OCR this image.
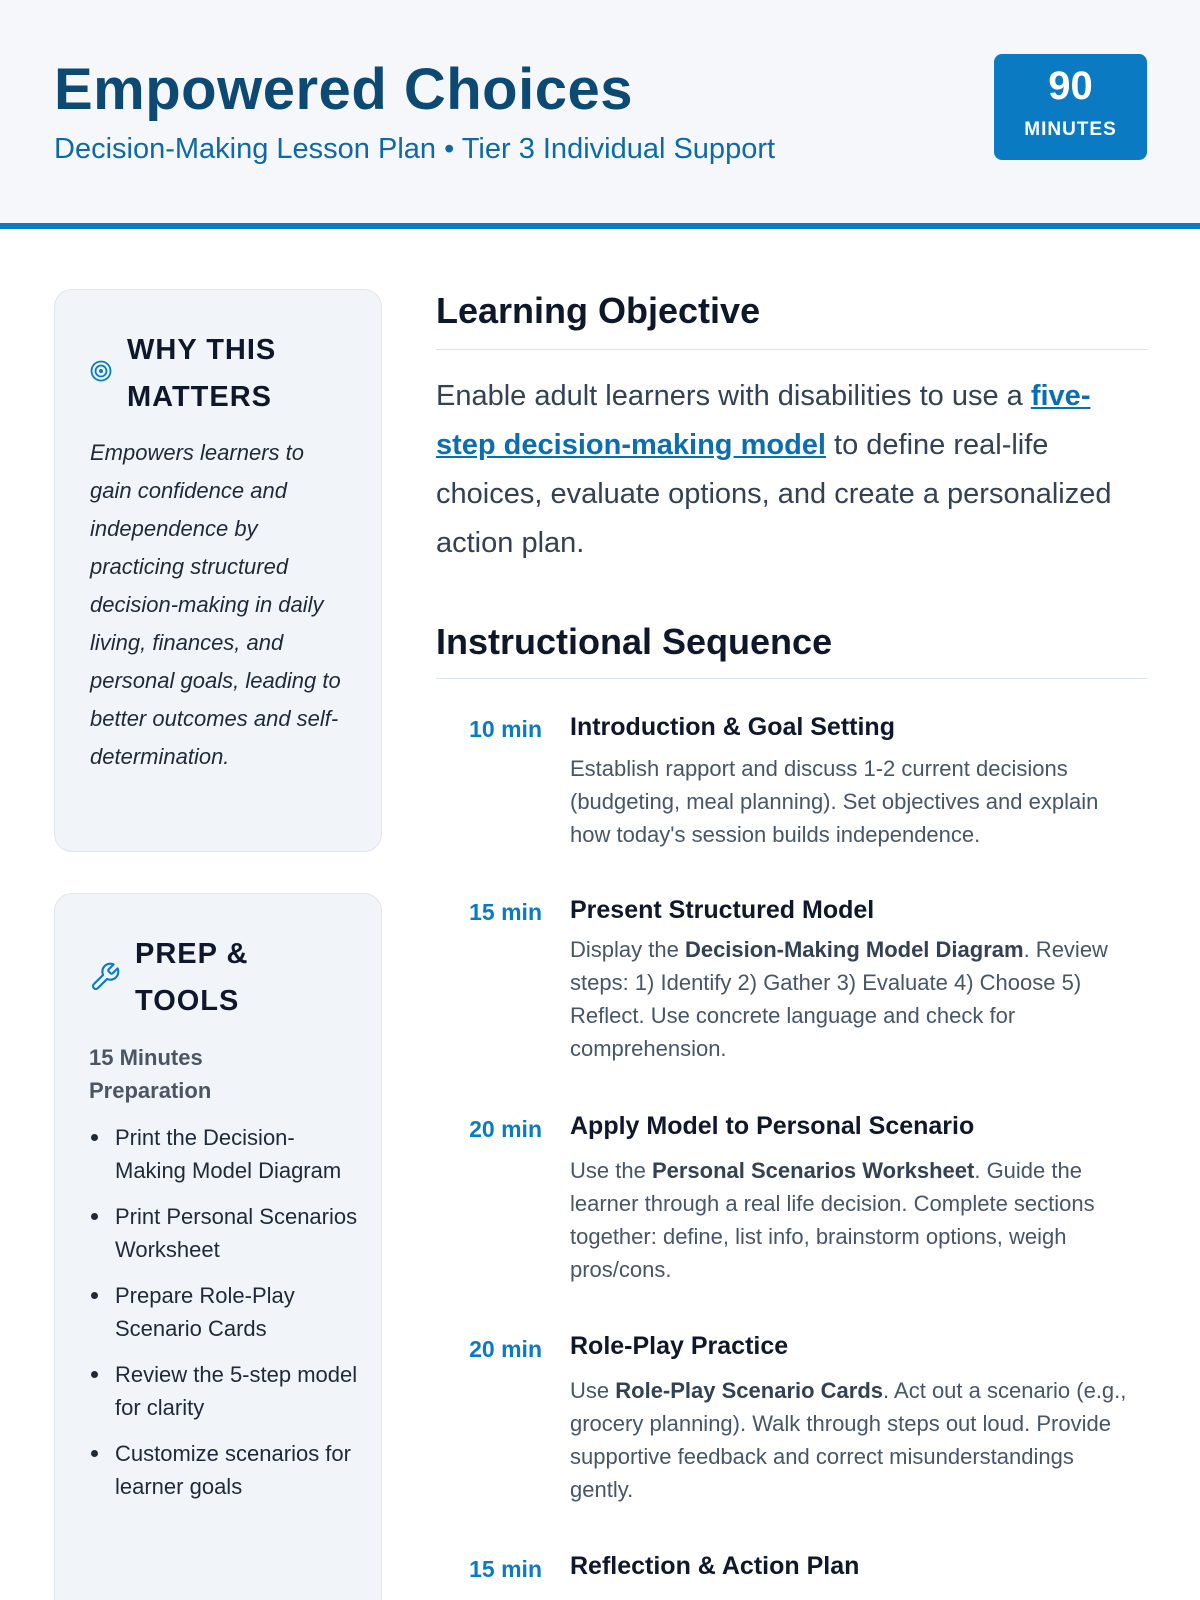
Empowered Choices
Decision-Making Lesson Plan • Tier 3 Individual Support
90
MINUTES
WHY THIS MATTERS
Empowers learners to gain confidence and independence by practicing structured decision-making in daily living, finances, and personal goals, leading to better outcomes and self-determination.
PREP & TOOLS
15 Minutes Preparation
Print the Decision-Making Model Diagram
Print Personal Scenarios Worksheet
Prepare Role-Play Scenario Cards
Review the 5-step model for clarity
Customize scenarios for learner goals
Learning Objective
Enable adult learners with disabilities to use a five-step decision-making model to define real-life choices, evaluate options, and create a personalized action plan.
Instructional Sequence
10 min Introduction & Goal Setting
Establish rapport and discuss 1-2 current decisions (budgeting, meal planning). Set objectives and explain how today's session builds independence.
15 min Present Structured Model
Display the Decision-Making Model Diagram. Review steps: 1) Identify 2) Gather 3) Evaluate 4) Choose 5) Reflect. Use concrete language and check for comprehension.
20 min Apply Model to Personal Scenario
Use the Personal Scenarios Worksheet. Guide the learner through a real life decision. Complete sections together: define, list info, brainstorm options, weigh pros/cons.
20 min Role-Play Practice
Use Role-Play Scenario Cards. Act out a scenario (e.g., grocery planning). Walk through steps out loud. Provide supportive feedback and correct misunderstandings gently.
15 min Reflection & Action Plan
